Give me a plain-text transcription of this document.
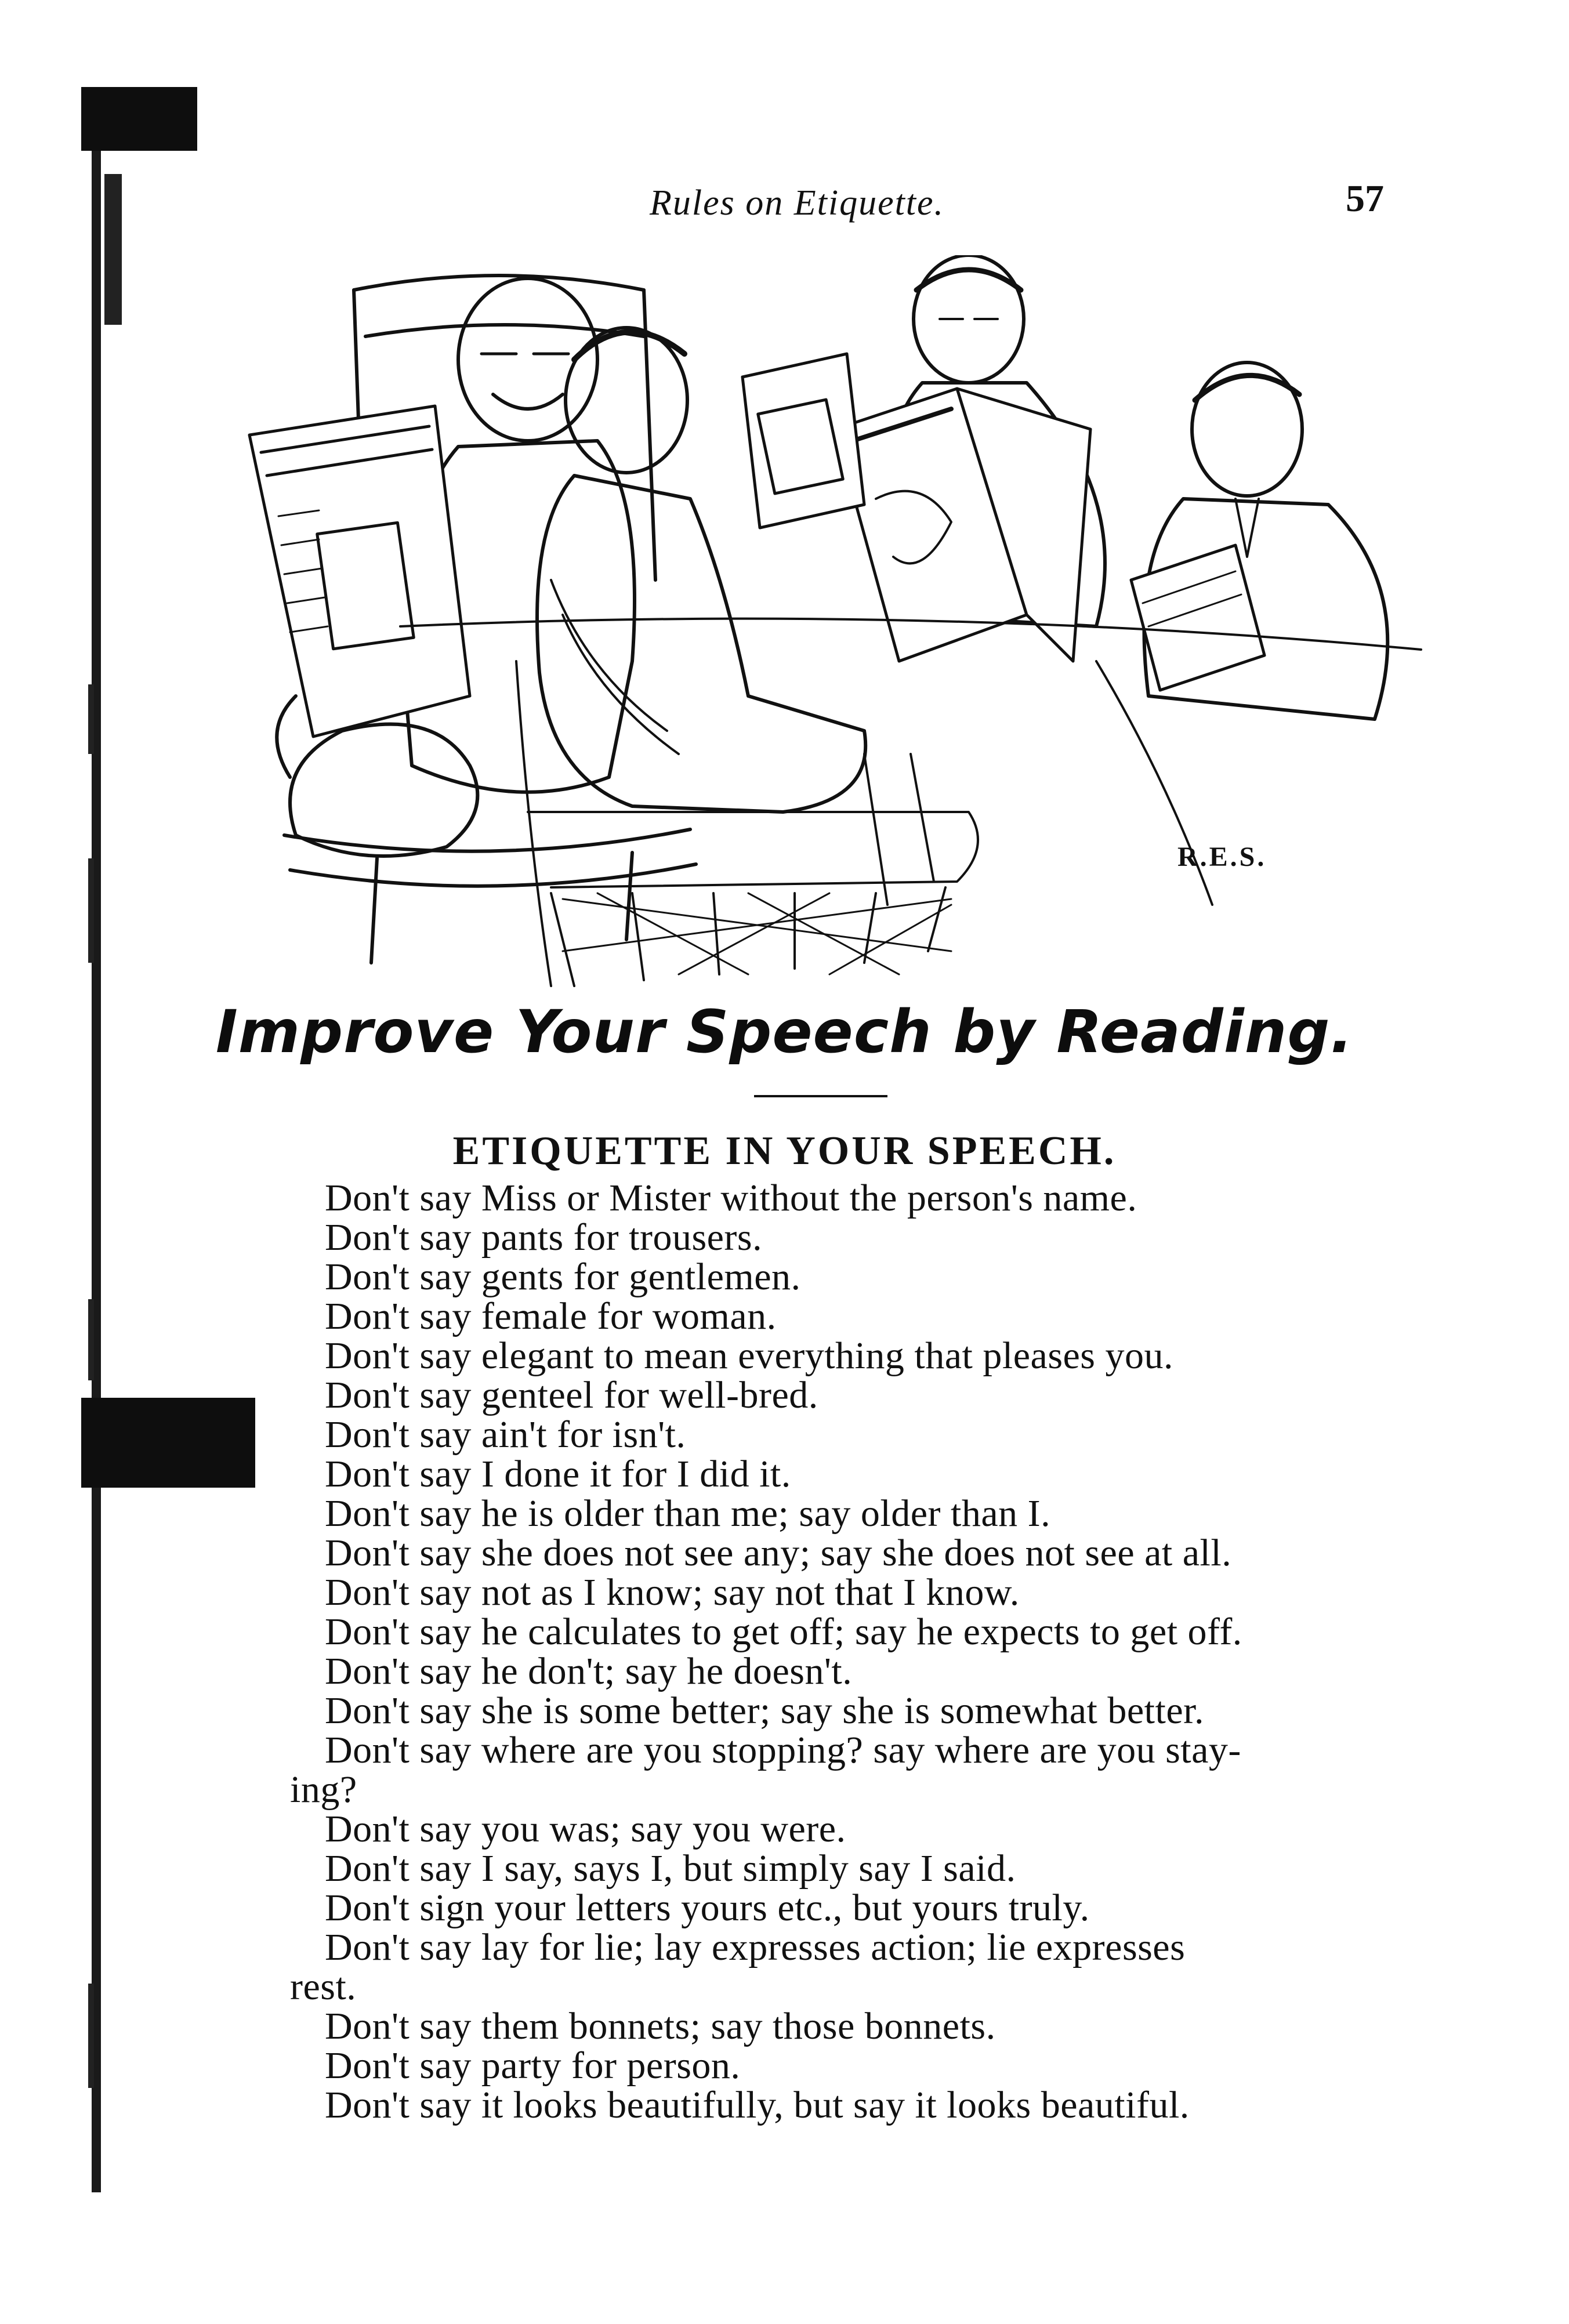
Rules on Etiquette.	57
R.E.S.
Improve Your Speech by Reading.
ETIQUETTE IN YOUR SPEECH.
Don't say Miss or Mister without the person's name.
Don't say pants for trousers.
Don't say gents for gentlemen.
Don't say female for woman.
Don't say elegant to mean everything that pleases you.
Don't say genteel for well-bred.
Don't say ain't for isn't.
Don't say I done it for I did it.
Don't say he is older than me; say older than I.
Don't say she does not see any; say she does not see at all.
Don't say not as I know; say not that I know.
Don't say he calculates to get off; say he expects to get off.
Don't say he don't; say he doesn't.
Don't say she is some better; say she is somewhat better.
Don't say where are you stopping? say where are you stay-
ing?
Don't say you was; say you were.
Don't say I say, says I, but simply say I said.
Don't sign your letters yours etc., but yours truly.
Don't say lay for lie; lay expresses action; lie expresses
rest.
Don't say them bonnets; say those bonnets.
Don't say party for person.
Don't say it looks beautifully, but say it looks beautiful.
